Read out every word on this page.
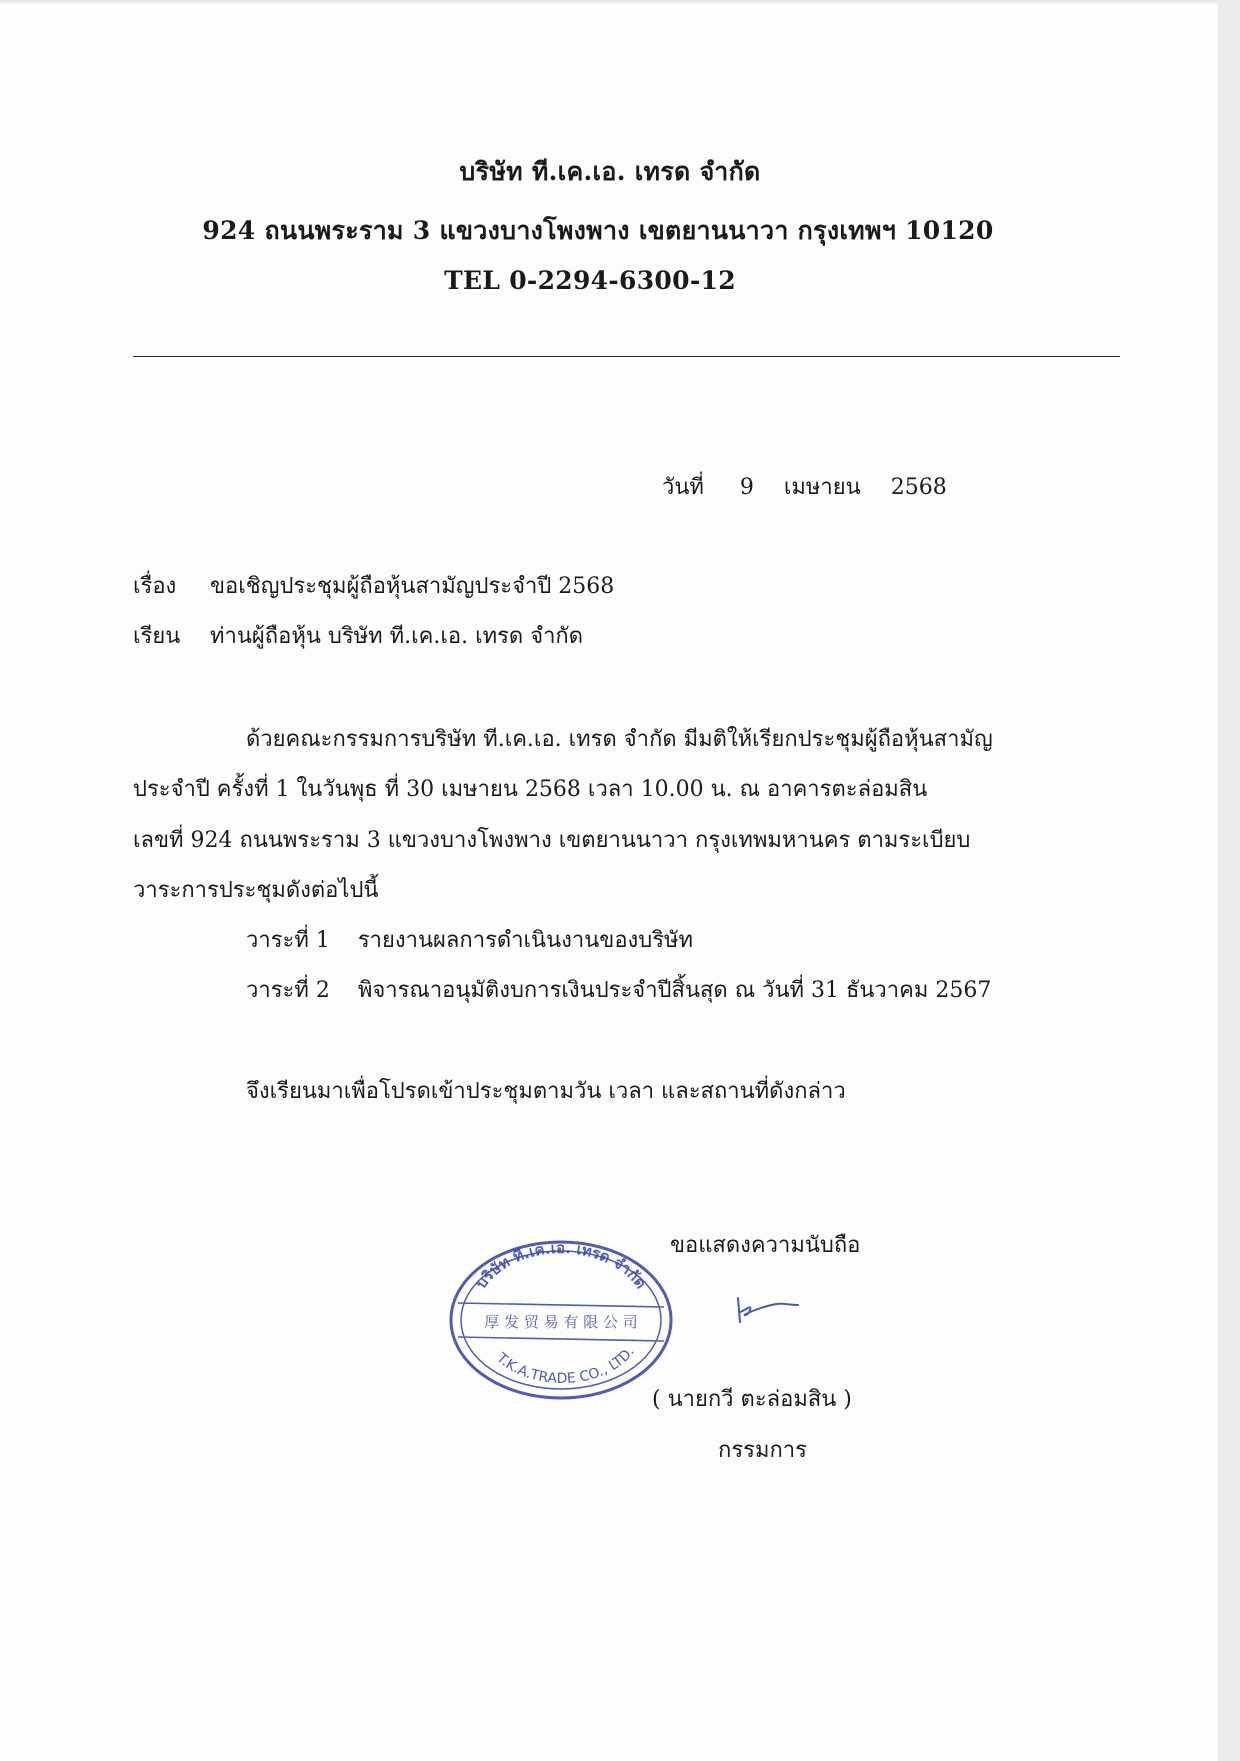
บริษัท ที.เค.เอ. เทรด จำกัด
924 ถนนพระราม 3 แขวงบางโพงพาง เขตยานนาวา กรุงเทพฯ 10120
TEL 0-2294-6300-12
วันที่ 9 เมษายน 2568
เรื่อง ขอเชิญประชุมผู้ถือหุ้นสามัญประจำปี 2568
เรียน ท่านผู้ถือหุ้น บริษัท ที.เค.เอ. เทรด จำกัด
ด้วยคณะกรรมการบริษัท ที.เค.เอ. เทรด จำกัด มีมติให้เรียกประชุมผู้ถือหุ้นสามัญ
ประจำปี ครั้งที่ 1 ในวันพุธ ที่ 30 เมษายน 2568 เวลา 10.00 น. ณ อาคารตะล่อมสิน
เลขที่ 924 ถนนพระราม 3 แขวงบางโพงพาง เขตยานนาวา กรุงเทพมหานคร ตามระเบียบ
วาระการประชุมดังต่อไปนี้
วาระที่ 1 รายงานผลการดำเนินงานของบริษัท
วาระที่ 2 พิจารณาอนุมัติงบการเงินประจำปีสิ้นสุด ณ วันที่ 31 ธันวาคม 2567
จึงเรียนมาเพื่อโปรดเข้าประชุมตามวัน เวลา และสถานที่ดังกล่าว
ขอแสดงความนับถือ
บริษัท ที.เค.เอ. เทรด จำกัด
厚 发 贸 易 有 限 公 司
T.K.A.TRADE CO., LTD.
( นายกวี ตะล่อมสิน )
กรรมการ
